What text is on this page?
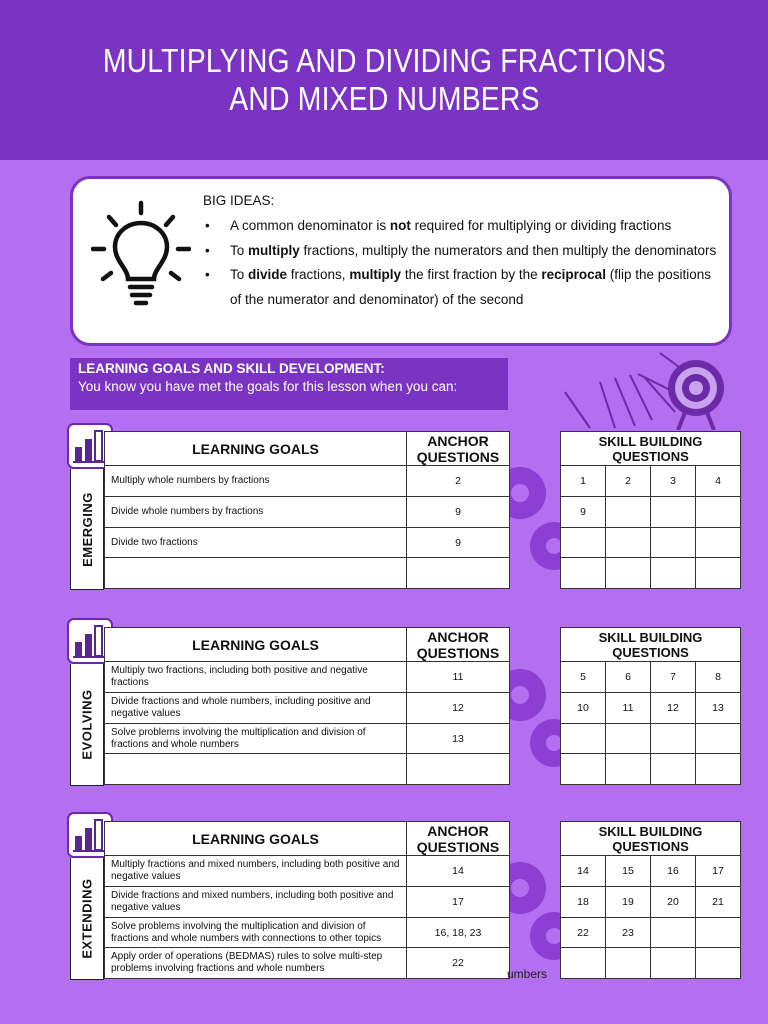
MULTIPLYING AND DIVIDING FRACTIONS
AND MIXED NUMBERS
BIG IDEAS:
• A common denominator is not required for multiplying or dividing fractions
• To multiply fractions, multiply the numerators and then multiply the denominators
• To divide fractions, multiply the first fraction by the reciprocal (flip the positions of the numerator and denominator) of the second
LEARNING GOALS AND SKILL DEVELOPMENT:
You know you have met the goals for this lesson when you can:
EMERGING
LEARNING GOALS	ANCHOR
QUESTIONS
Multiply whole numbers by fractions	2
Divide whole numbers by fractions	9
Divide two fractions	9

SKILL BUILDING
QUESTIONS			
1	2	3	4
9			

EVOLVING
LEARNING GOALS	ANCHOR
QUESTIONS
Multiply two fractions, including both positive and negative fractions	11
Divide fractions and whole numbers, including positive and negative values	12
Solve problems involving the multiplication and division of fractions and whole numbers	13

SKILL BUILDING
QUESTIONS			
5	6	7	8
10	11	12	13

EXTENDING
LEARNING GOALS	ANCHOR
QUESTIONS
Multiply fractions and mixed numbers, including both positive and negative values	14
Divide fractions and mixed numbers, including both positive and negative values	17
Solve problems involving the multiplication and division of fractions and whole numbers with connections to other topics	16, 18, 23
Apply order of operations (BEDMAS) rules to solve multi-step problems involving fractions and whole numbers	22
SKILL BUILDING
QUESTIONS			
14	15	16	17
18	19	20	21
22	23		

umbers
